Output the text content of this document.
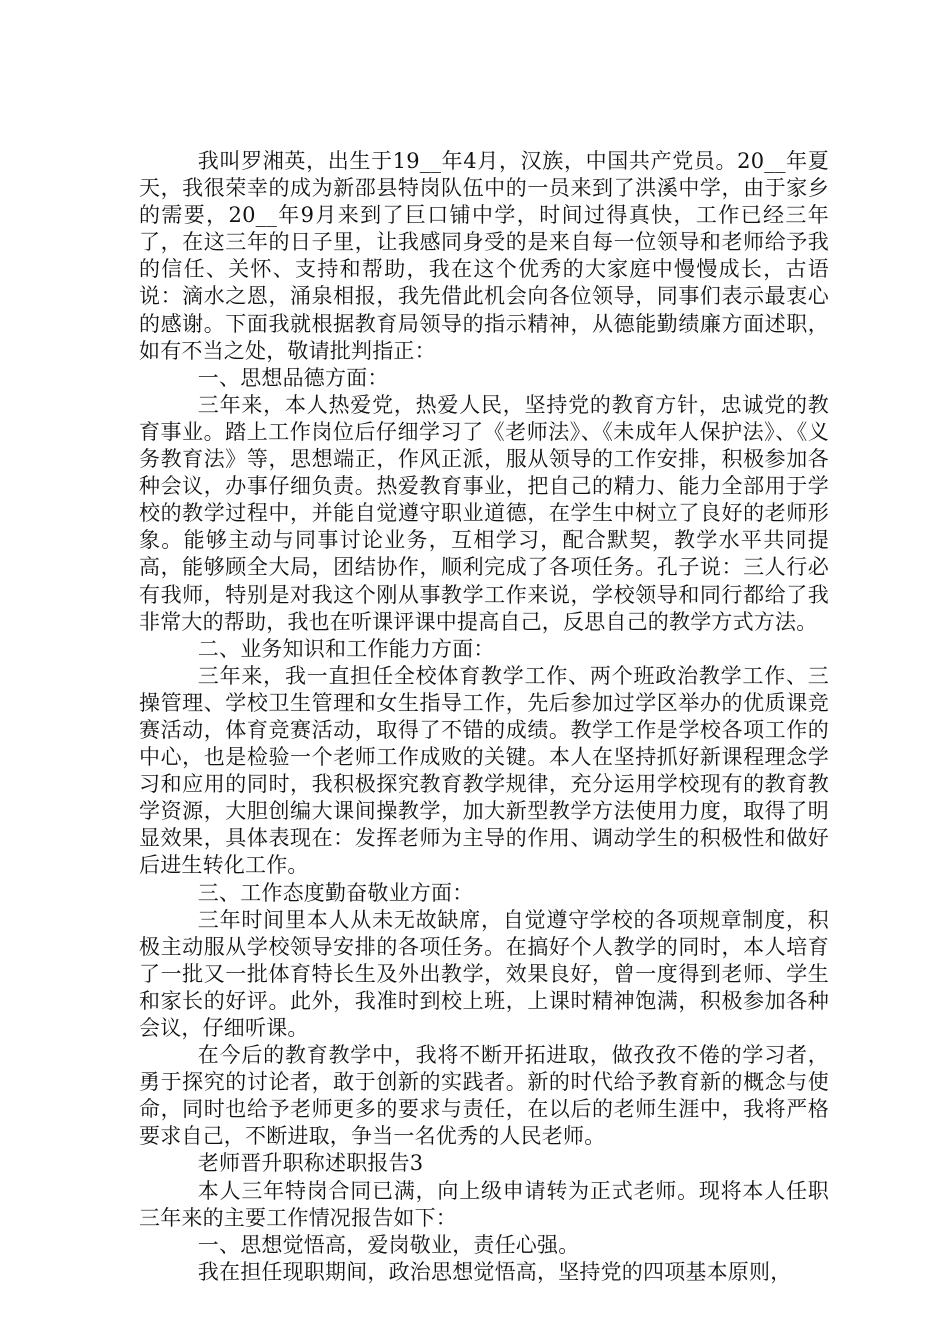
我叫罗湘英，出生于19__年4月，汉族，中国共产党员。20__年夏天，我很荣幸的成为新邵县特岗队伍中的一员来到了洪溪中学，由于家乡的需要，20__年9月来到了巨口铺中学，时间过得真快，工作已经三年了，在这三年的日子里，让我感同身受的是来自每一位领导和老师给予我的信任、关怀、支持和帮助，我在这个优秀的大家庭中慢慢成长，古语说：滴水之恩，涌泉相报，我先借此机会向各位领导，同事们表示最衷心的感谢。下面我就根据教育局领导的指示精神，从德能勤绩廉方面述职，如有不当之处，敬请批判指正：

一、思想品德方面：

三年来，本人热爱党，热爱人民，坚持党的教育方针，忠诚党的教育事业。踏上工作岗位后仔细学习了《老师法》、《未成年人保护法》、《义务教育法》等，思想端正，作风正派，服从领导的工作安排，积极参加各种会议，办事仔细负责。热爱教育事业，把自己的精力、能力全部用于学校的教学过程中，并能自觉遵守职业道德，在学生中树立了良好的老师形象。能够主动与同事讨论业务，互相学习，配合默契，教学水平共同提高，能够顾全大局，团结协作，顺利完成了各项任务。孔子说：三人行必有我师，特别是对我这个刚从事教学工作来说，学校领导和同行都给了我非常大的帮助，我也在听课评课中提高自己，反思自己的教学方式方法。

二、业务知识和工作能力方面：

三年来，我一直担任全校体育教学工作、两个班政治教学工作、三操管理、学校卫生管理和女生指导工作，先后参加过学区举办的优质课竞赛活动，体育竞赛活动，取得了不错的成绩。教学工作是学校各项工作的中心，也是检验一个老师工作成败的关键。本人在坚持抓好新课程理念学习和应用的同时，我积极探究教育教学规律，充分运用学校现有的教育教学资源，大胆创编大课间操教学，加大新型教学方法使用力度，取得了明显效果，具体表现在：发挥老师为主导的作用、调动学生的积极性和做好后进生转化工作。

三、工作态度勤奋敬业方面：

三年时间里本人从未无故缺席，自觉遵守学校的各项规章制度，积极主动服从学校领导安排的各项任务。在搞好个人教学的同时，本人培育了一批又一批体育特长生及外出教学，效果良好，曾一度得到老师、学生和家长的好评。此外，我准时到校上班，上课时精神饱满，积极参加各种会议，仔细听课。

在今后的教育教学中，我将不断开拓进取，做孜孜不倦的学习者，勇于探究的讨论者，敢于创新的实践者。新的时代给予教育新的概念与使命，同时也给予老师更多的要求与责任，在以后的老师生涯中，我将严格要求自己，不断进取，争当一名优秀的人民老师。

老师晋升职称述职报告3

本人三年特岗合同已满，向上级申请转为正式老师。现将本人任职三年来的主要工作情况报告如下：

一、思想觉悟高，爱岗敬业，责任心强。

我在担任现职期间，政治思想觉悟高，坚持党的四项基本原则，
